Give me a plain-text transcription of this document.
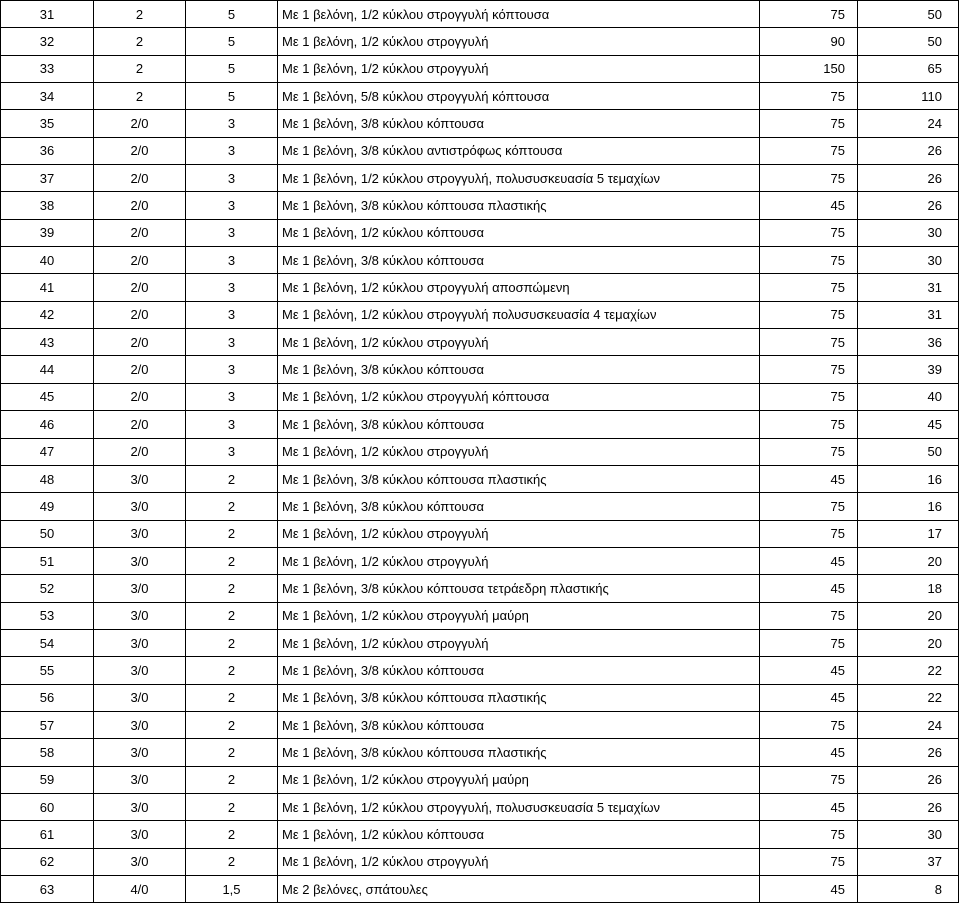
31	2	5	Με 1 βελόνη, 1/2 κύκλου στρογγυλή κόπτουσα	75	50
32	2	5	Με 1 βελόνη, 1/2 κύκλου στρογγυλή	90	50
33	2	5	Με 1 βελόνη, 1/2 κύκλου στρογγυλή	150	65
34	2	5	Με 1 βελόνη, 5/8 κύκλου στρογγυλή κόπτουσα	75	110
35	2/0	3	Με 1 βελόνη, 3/8 κύκλου κόπτουσα	75	24
36	2/0	3	Με 1 βελόνη, 3/8 κύκλου αντιστρόφως κόπτουσα	75	26
37	2/0	3	Με 1 βελόνη, 1/2 κύκλου στρογγυλή, πολυσυσκευασία 5 τεμαχίων	75	26
38	2/0	3	Με 1 βελόνη, 3/8 κύκλου κόπτουσα πλαστικής	45	26
39	2/0	3	Με 1 βελόνη, 1/2 κύκλου κόπτουσα	75	30
40	2/0	3	Με 1 βελόνη, 3/8 κύκλου κόπτουσα	75	30
41	2/0	3	Με 1 βελόνη, 1/2 κύκλου στρογγυλή αποσπώμενη	75	31
42	2/0	3	Με 1 βελόνη, 1/2 κύκλου στρογγυλή πολυσυσκευασία 4 τεμαχίων	75	31
43	2/0	3	Με 1 βελόνη, 1/2 κύκλου στρογγυλή	75	36
44	2/0	3	Με 1 βελόνη, 3/8 κύκλου κόπτουσα	75	39
45	2/0	3	Με 1 βελόνη, 1/2 κύκλου στρογγυλή κόπτουσα	75	40
46	2/0	3	Με 1 βελόνη, 3/8 κύκλου κόπτουσα	75	45
47	2/0	3	Με 1 βελόνη, 1/2 κύκλου στρογγυλή	75	50
48	3/0	2	Με 1 βελόνη, 3/8 κύκλου κόπτουσα πλαστικής	45	16
49	3/0	2	Με 1 βελόνη, 3/8 κύκλου κόπτουσα	75	16
50	3/0	2	Με 1 βελόνη, 1/2 κύκλου στρογγυλή	75	17
51	3/0	2	Με 1 βελόνη, 1/2 κύκλου στρογγυλή	45	20
52	3/0	2	Με 1 βελόνη, 3/8 κύκλου κόπτουσα τετράεδρη πλαστικής	45	18
53	3/0	2	Με 1 βελόνη, 1/2 κύκλου στρογγυλή μαύρη	75	20
54	3/0	2	Με 1 βελόνη, 1/2 κύκλου στρογγυλή	75	20
55	3/0	2	Με 1 βελόνη, 3/8 κύκλου κόπτουσα	45	22
56	3/0	2	Με 1 βελόνη, 3/8 κύκλου κόπτουσα πλαστικής	45	22
57	3/0	2	Με 1 βελόνη, 3/8 κύκλου κόπτουσα	75	24
58	3/0	2	Με 1 βελόνη, 3/8 κύκλου κόπτουσα πλαστικής	45	26
59	3/0	2	Με 1 βελόνη, 1/2 κύκλου στρογγυλή μαύρη	75	26
60	3/0	2	Με 1 βελόνη, 1/2 κύκλου στρογγυλή, πολυσυσκευασία 5 τεμαχίων	45	26
61	3/0	2	Με 1 βελόνη, 1/2 κύκλου κόπτουσα	75	30
62	3/0	2	Με 1 βελόνη, 1/2 κύκλου στρογγυλή	75	37
63	4/0	1,5	Με 2 βελόνες, σπάτουλες	45	8
